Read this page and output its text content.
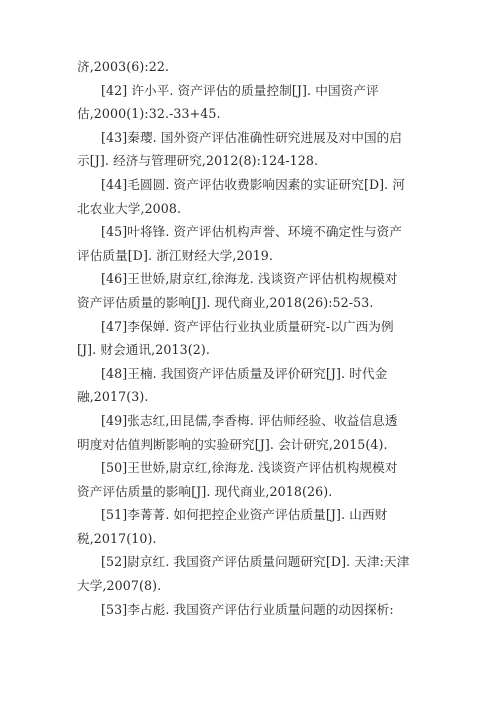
济,2003(6):22.
[42] 许小平. 资产评估的质量控制[J]. 中国资产评
估,2000(1):32.-33+45.
[43]秦璎. 国外资产评估准确性研究进展及对中国的启
示[J]. 经济与管理研究,2012(8):124-128.
[44]毛圆圆. 资产评估收费影响因素的实证研究[D]. 河
北农业大学,2008.
[45]叶将锋. 资产评估机构声誉、环境不确定性与资产
评估质量[D]. 浙江财经大学,2019.
[46]王世娇,尉京红,徐海龙. 浅谈资产评估机构规模对
资产评估质量的影响[J]. 现代商业,2018(26):52-53.
[47]李保婵. 资产评估行业执业质量研究-以广西为例
[J]. 财会通讯,2013(2).
[48]王楠. 我国资产评估质量及评价研究[J]. 时代金
融,2017(3).
[49]张志红,田昆儒,李香梅. 评估师经验、收益信息透
明度对估值判断影响的实验研究[J]. 会计研究,2015(4).
[50]王世娇,尉京红,徐海龙. 浅谈资产评估机构规模对
资产评估质量的影响[J]. 现代商业,2018(26).
[51]李菁菁. 如何把控企业资产评估质量[J]. 山西财
税,2017(10).
[52]尉京红. 我国资产评估质量问题研究[D]. 天津:天津
大学,2007(8).
[53]李占彪. 我国资产评估行业质量问题的动因探析:
